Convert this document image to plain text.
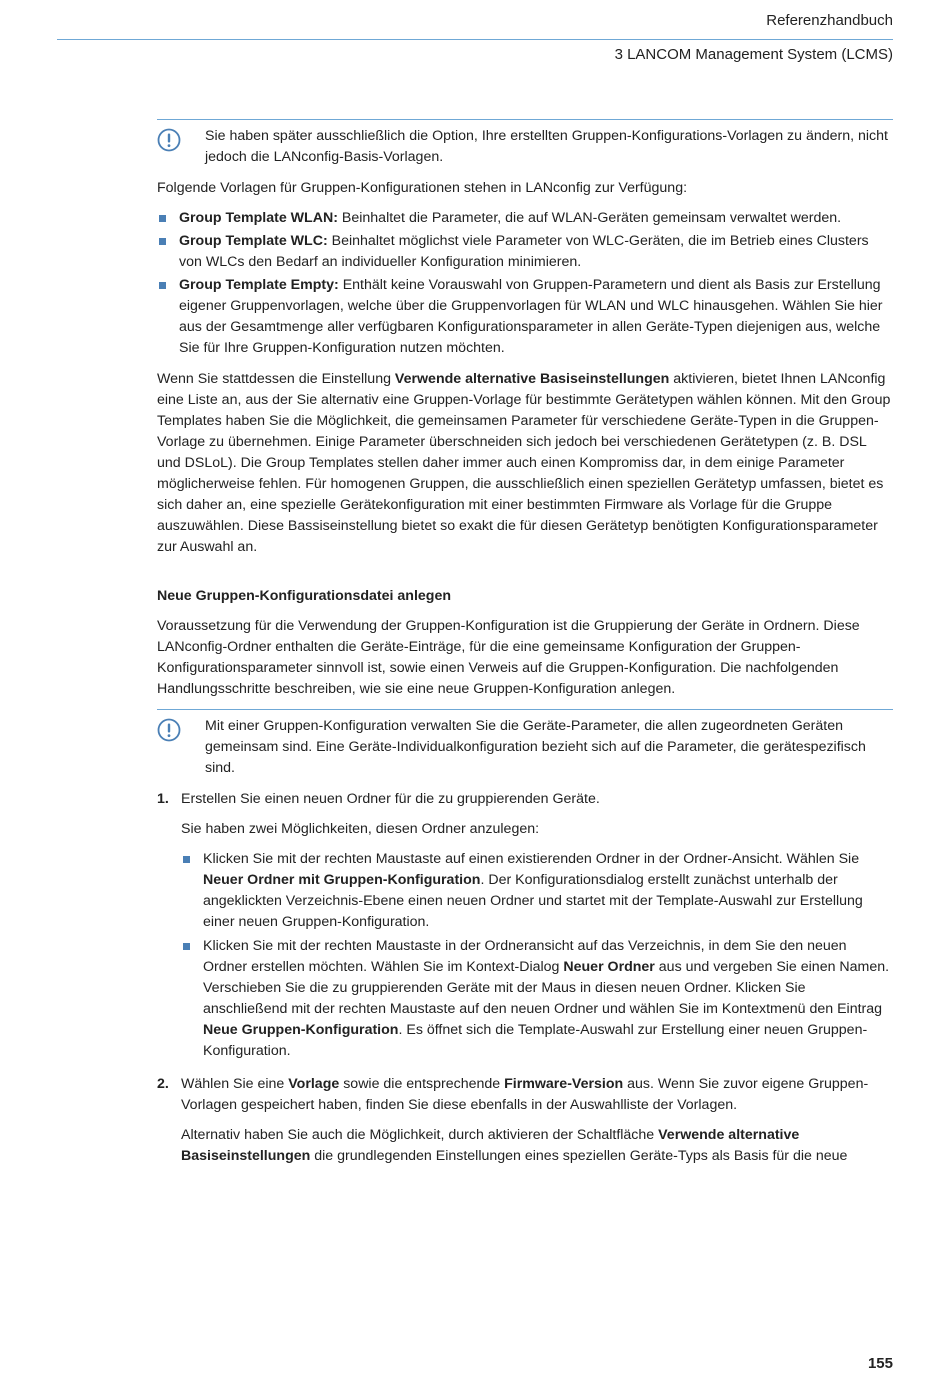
Referenzhandbuch
3 LANCOM Management System (LCMS)
Sie haben später ausschließlich die Option, Ihre erstellten Gruppen-Konfigurations-Vorlagen zu ändern, nicht jedoch die LANconfig-Basis-Vorlagen.

Folgende Vorlagen für Gruppen-Konfigurationen stehen in LANconfig zur Verfügung:

Group Template WLAN: Beinhaltet die Parameter, die auf WLAN-Geräten gemeinsam verwaltet werden.
Group Template WLC: Beinhaltet möglichst viele Parameter von WLC-Geräten, die im Betrieb eines Clusters von WLCs den Bedarf an individueller Konfiguration minimieren.
Group Template Empty: Enthält keine Vorauswahl von Gruppen-Parametern und dient als Basis zur Erstellung eigener Gruppenvorlagen, welche über die Gruppenvorlagen für WLAN und WLC hinausgehen. Wählen Sie hier aus der Gesamtmenge aller verfügbaren Konfigurationsparameter in allen Geräte-Typen diejenigen aus, welche Sie für Ihre Gruppen-Konfiguration nutzen möchten.

Wenn Sie stattdessen die Einstellung Verwende alternative Basiseinstellungen aktivieren, bietet Ihnen LANconfig eine Liste an, aus der Sie alternativ eine Gruppen-Vorlage für bestimmte Gerätetypen wählen können. Mit den Group Templates haben Sie die Möglichkeit, die gemeinsamen Parameter für verschiedene Geräte-Typen in die Gruppen-Vorlage zu übernehmen. Einige Parameter überschneiden sich jedoch bei verschiedenen Gerätetypen (z. B. DSL und DSLoL). Die Group Templates stellen daher immer auch einen Kompromiss dar, in dem einige Parameter möglicherweise fehlen. Für homogenen Gruppen, die ausschließlich einen speziellen Gerätetyp umfassen, bietet es sich daher an, eine spezielle Gerätekonfiguration mit einer bestimmten Firmware als Vorlage für die Gruppe auszuwählen. Diese Bassiseinstellung bietet so exakt die für diesen Gerätetyp benötigten Konfigurationsparameter zur Auswahl an.

Neue Gruppen-Konfigurationsdatei anlegen

Voraussetzung für die Verwendung der Gruppen-Konfiguration ist die Gruppierung der Geräte in Ordnern. Diese LANconfig-Ordner enthalten die Geräte-Einträge, für die eine gemeinsame Konfiguration der Gruppen-Konfigurationsparameter sinnvoll ist, sowie einen Verweis auf die Gruppen-Konfiguration. Die nachfolgenden Handlungsschritte beschreiben, wie sie eine neue Gruppen-Konfiguration anlegen.

Mit einer Gruppen-Konfiguration verwalten Sie die Geräte-Parameter, die allen zugeordneten Geräten gemeinsam sind. Eine Geräte-Individualkonfiguration bezieht sich auf die Parameter, die gerätespezifisch sind.
1. Erstellen Sie einen neuen Ordner für die zu gruppierenden Geräte.

Sie haben zwei Möglichkeiten, diesen Ordner anzulegen:

Klicken Sie mit der rechten Maustaste auf einen existierenden Ordner in der Ordner-Ansicht. Wählen Sie Neuer Ordner mit Gruppen-Konfiguration. Der Konfigurationsdialog erstellt zunächst unterhalb der angeklickten Verzeichnis-Ebene einen neuen Ordner und startet mit der Template-Auswahl zur Erstellung einer neuen Gruppen-Konfiguration.
Klicken Sie mit der rechten Maustaste in der Ordneransicht auf das Verzeichnis, in dem Sie den neuen Ordner erstellen möchten. Wählen Sie im Kontext-Dialog Neuer Ordner aus und vergeben Sie einen Namen. Verschieben Sie die zu gruppierenden Geräte mit der Maus in diesen neuen Ordner. Klicken Sie anschließend mit der rechten Maustaste auf den neuen Ordner und wählen Sie im Kontextmenü den Eintrag Neue Gruppen-Konfiguration. Es öffnet sich die Template-Auswahl zur Erstellung einer neuen Gruppen-Konfiguration.
2. Wählen Sie eine Vorlage sowie die entsprechende Firmware-Version aus. Wenn Sie zuvor eigene Gruppen-Vorlagen gespeichert haben, finden Sie diese ebenfalls in der Auswahlliste der Vorlagen.

Alternativ haben Sie auch die Möglichkeit, durch aktivieren der Schaltfläche Verwende alternative Basiseinstellungen die grundlegenden Einstellungen eines speziellen Geräte-Typs als Basis für die neue

155
